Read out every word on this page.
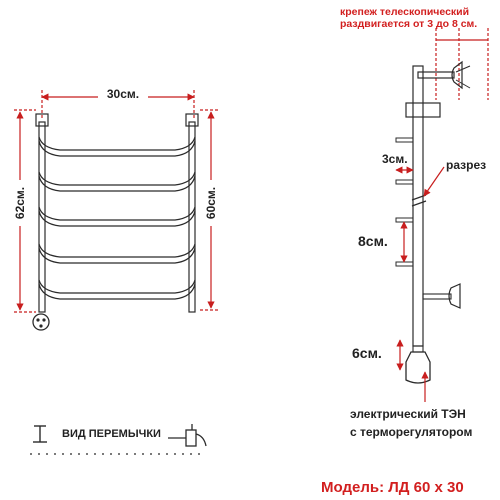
30см.
62см.	60см.
крепеж телескопический
раздвигается от 3 до 8 см.
3см.	разрез
8см.
6см.
электрический ТЭН
с терморегулятором
ВИД ПЕРЕМЫЧКИ
Модель: ЛД 60 х 30
